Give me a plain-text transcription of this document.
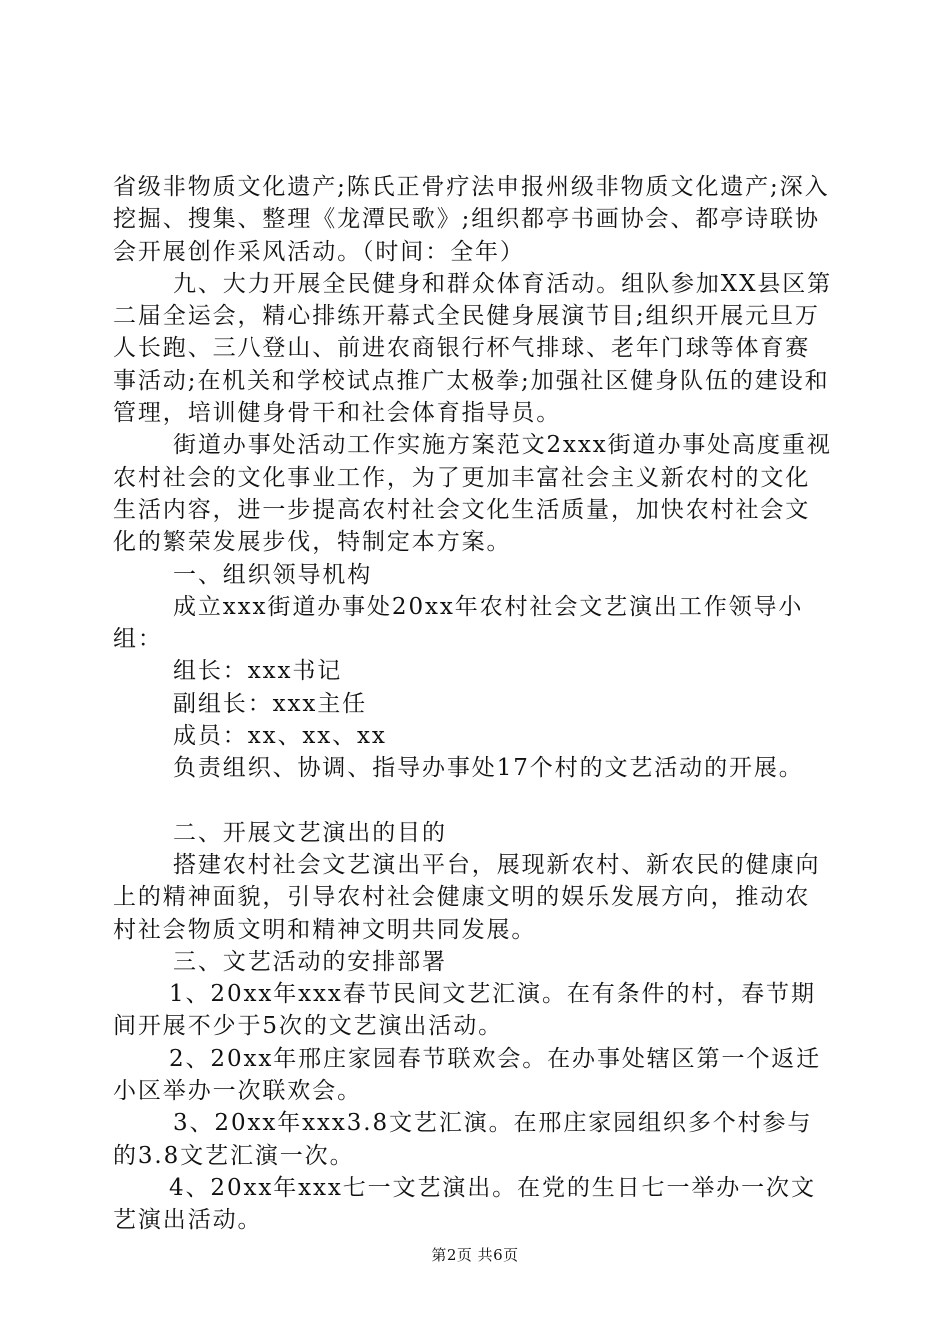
省级非物质文化遗产;陈氏正骨疗法申报州级非物质文化遗产;深入挖掘、搜集、整理《龙潭民歌》;组织都亭书画协会、都亭诗联协会开展创作采风活动。（时间：全年）

九、大力开展全民健身和群众体育活动。组队参加XX县区第二届全运会，精心排练开幕式全民健身展演节目;组织开展元旦万人长跑、三八登山、前进农商银行杯气排球、老年门球等体育赛事活动;在机关和学校试点推广太极拳;加强社区健身队伍的建设和管理，培训健身骨干和社会体育指导员。

街道办事处活动工作实施方案范文2xxx街道办事处高度重视农村社会的文化事业工作，为了更加丰富社会主义新农村的文化生活内容，进一步提高农村社会文化生活质量，加快农村社会文化的繁荣发展步伐，特制定本方案。

一、组织领导机构

成立xxx街道办事处20xx年农村社会文艺演出工作领导小组：

组长：xxx书记

副组长：xxx主任

成员：xx、xx、xx

负责组织、协调、指导办事处17个村的文艺活动的开展。

二、开展文艺演出的目的

搭建农村社会文艺演出平台，展现新农村、新农民的健康向上的精神面貌，引导农村社会健康文明的娱乐发展方向，推动农村社会物质文明和精神文明共同发展。

三、文艺活动的安排部署

1、20xx年xxx春节民间文艺汇演。在有条件的村，春节期间开展不少于5次的文艺演出活动。

2、20xx年邢庄家园春节联欢会。在办事处辖区第一个返迁小区举办一次联欢会。

3、20xx年xxx3.8文艺汇演。在邢庄家园组织多个村参与的3.8文艺汇演一次。

4、20xx年xxx七一文艺演出。在党的生日七一举办一次文艺演出活动。

第2页 共6页
